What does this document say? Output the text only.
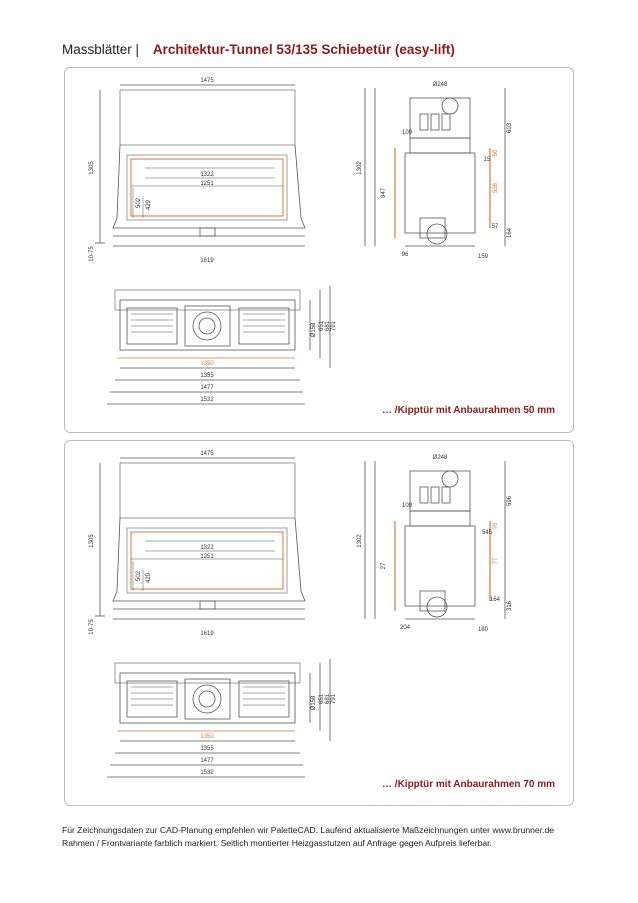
Massblätter | Architektur-Tunnel 53/135 Schiebetür (easy-lift)
1475
1305
10-75
1322
1251
502 429
1619
Ø158 651 681 791
1350
1355
1477
1532
Ø248
109
1302
847
603
50
15
538
57
164
96	159
… /Kipptür mit Anbaurahmen 50 mm
1475
1305
10-75
1322
1251
502 429
1619
Ø158 651 681 791
1350
1355
1477
1532
Ø248
109
1302
27
596
70
545
77
164
316
204	180
… /Kipptür mit Anbaurahmen 70 mm
Für Zeichnungsdaten zur CAD-Planung empfehlen wir PaletteCAD. Laufend aktualisierte Maßzeichnungen unter www.brunner.de
Rahmen / Frontvariante farblich markiert. Seitlich montierter Heizgasstutzen auf Anfrage gegen Aufpreis lieferbar.
